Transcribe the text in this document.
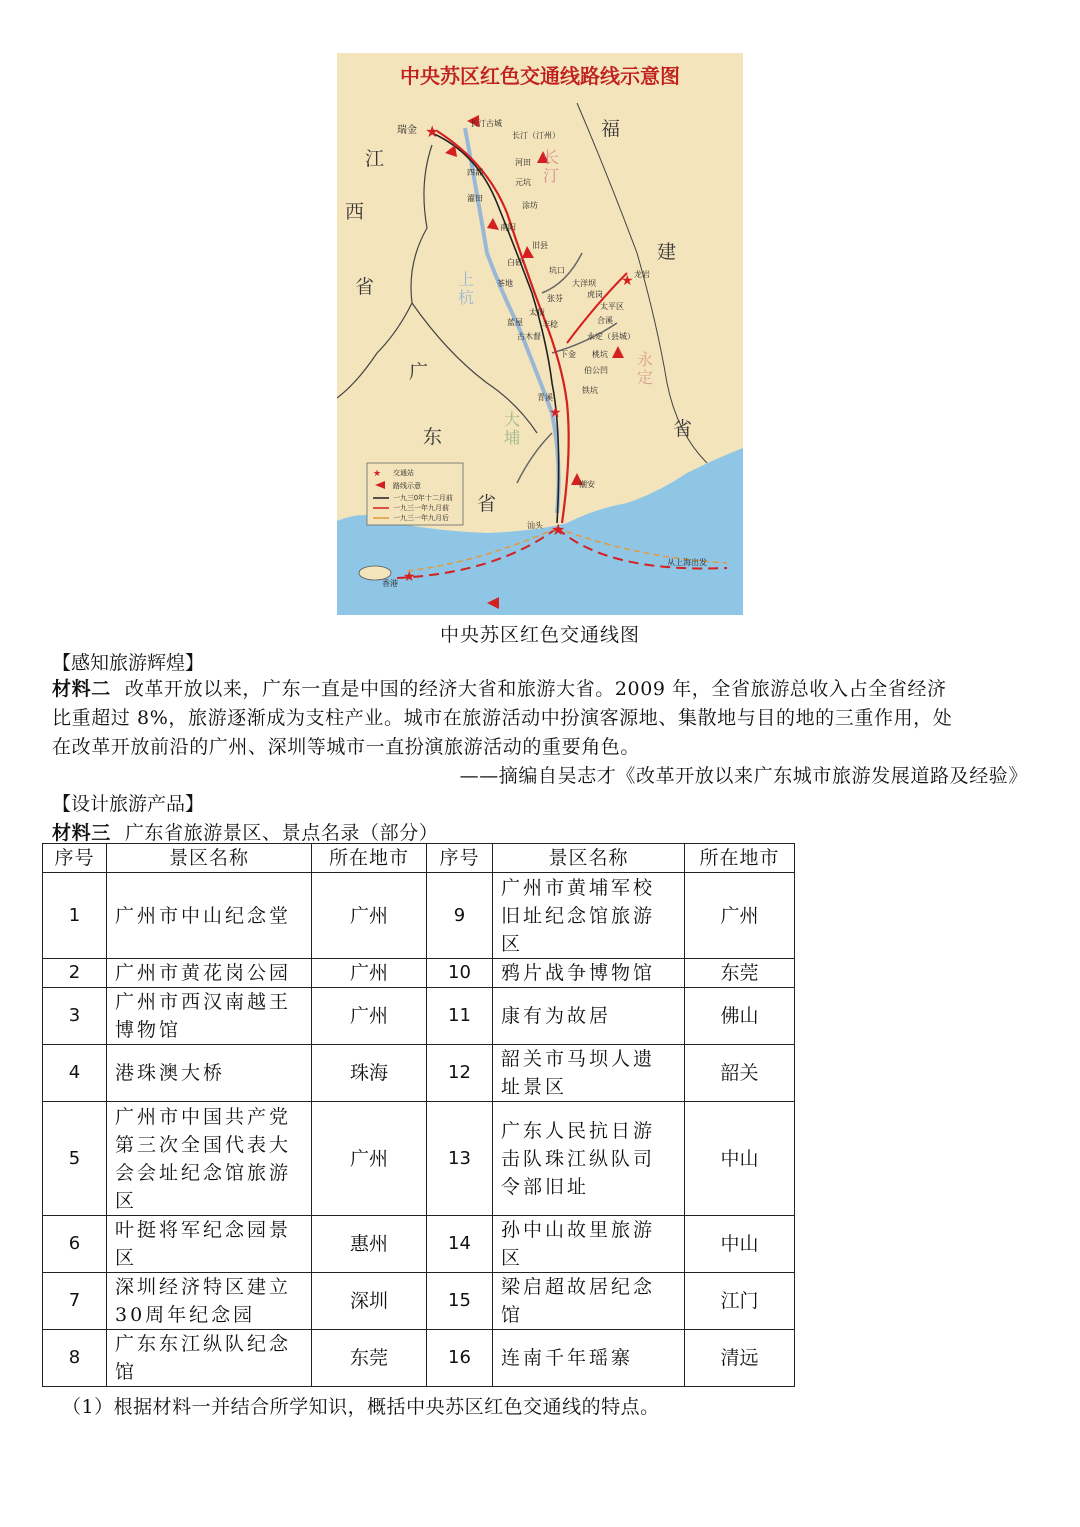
★
★
★
★
★
瑞金
长汀古城
长汀（汀州）
河田
元坑
四都
涂坊
濯田
南阳
旧县
白砂
坑口	龙岩
茶地	大洋坝
张芬	虎岗
太拔
太平区
丰稔	合溪
古木督	永定（县城）
下金 桃坑
伯公凹
青溪
铁坑
潮安
汕头
香港
从上海出发
蓝屋
江
西
省
福
建
省
广
东
省
长
汀
上
杭
永
定
大
埔
★ 交通站
路线示意
一九三0年十二月前
一九三一年九月前
一九三一年九月后
中央苏区红色交通线路线示意图
中央苏区红色交通线图
【感知旅游辉煌】
材料二 改革开放以来，广东一直是中国的经济大省和旅游大省。2009 年，全省旅游总收入占全省经济
比重超过 8%，旅游逐渐成为支柱产业。城市在旅游活动中扮演客源地、集散地与目的地的三重作用，处
在改革开放前沿的广州、深圳等城市一直扮演旅游活动的重要角色。
——摘编自吴志才《改革开放以来广东城市旅游发展道路及经验》
【设计旅游产品】
材料三 广东省旅游景区、景点名录（部分）
序号	景区名称	所在地市	序号	景区名称	所在地市
1	广州市中山纪念堂	广州	9	广州市黄埔军校旧址纪念馆旅游区	广州
2	广州市黄花岗公园	广州	10	鸦片战争博物馆	东莞
3	广州市西汉南越王博物馆	广州	11	康有为故居	佛山
4	港珠澳大桥	珠海	12	韶关市马坝人遗址景区	韶关
5	广州市中国共产党第三次全国代表大会会址纪念馆旅游区	广州	13	广东人民抗日游击队珠江纵队司令部旧址	中山
6	叶挺将军纪念园景区	惠州	14	孙中山故里旅游区	中山
7	深圳经济特区建立30周年纪念园	深圳	15	梁启超故居纪念馆	江门
8	广东东江纵队纪念馆	东莞	16	连南千年瑶寨	清远
（1）根据材料一并结合所学知识，概括中央苏区红色交通线的特点。
